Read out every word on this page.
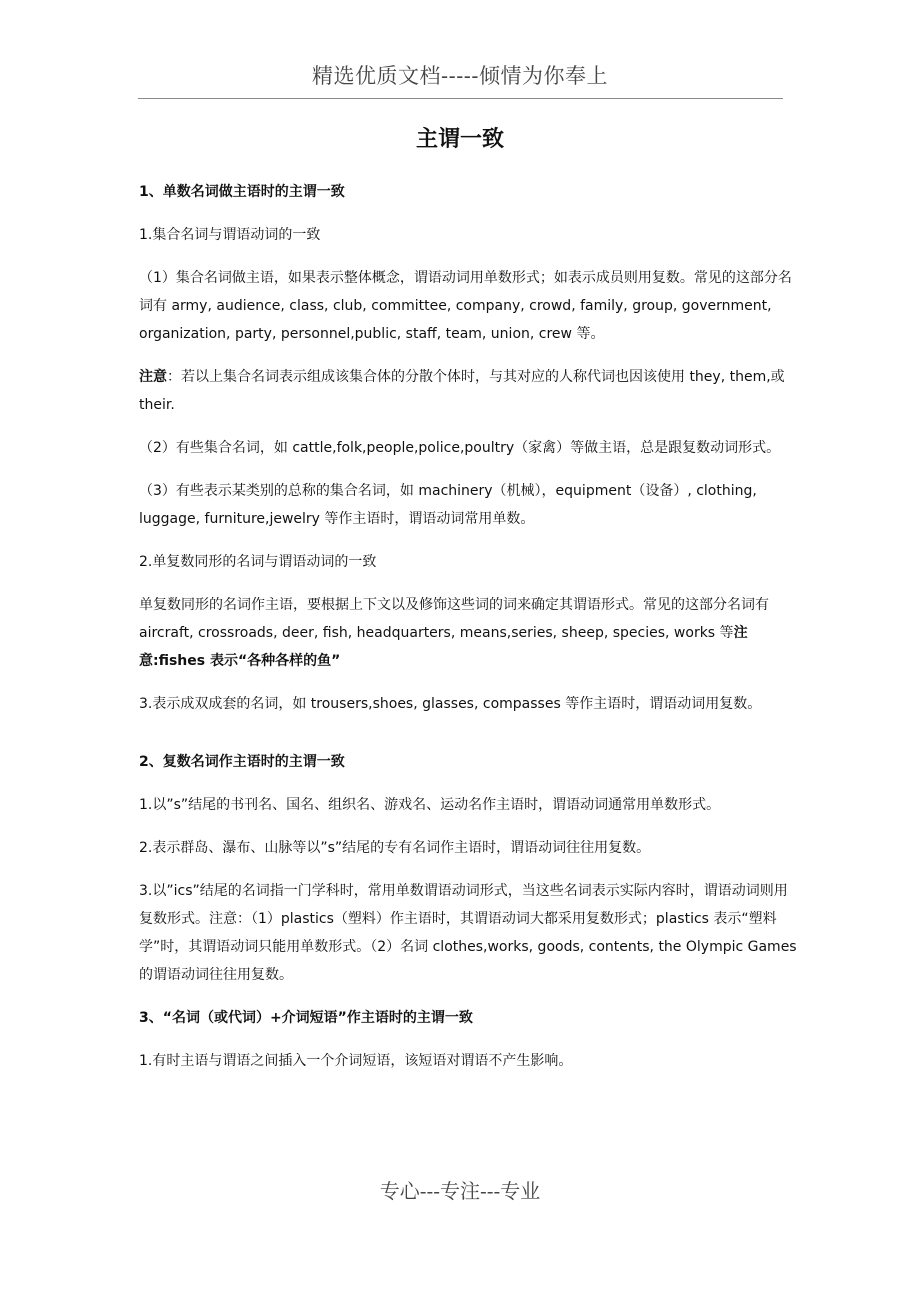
精选优质文档-----倾情为你奉上
主谓一致

1、单数名词做主语时的主谓一致

1.集合名词与谓语动词的一致

（1）集合名词做主语，如果表示整体概念，谓语动词用单数形式；如表示成员则用复数。常见的这部分名词有 army, audience, class, club, committee, company, crowd, family, group, government, organization, party, personnel,public, staff, team, union, crew 等。

注意：若以上集合名词表示组成该集合体的分散个体时，与其对应的人称代词也因该使用 they, them,或 their.

（2）有些集合名词，如 cattle,folk,people,police,poultry（家禽）等做主语，总是跟复数动词形式。

（3）有些表示某类别的总称的集合名词，如 machinery（机械），equipment（设备）, clothing, luggage, furniture,jewelry 等作主语时，谓语动词常用单数。

2.单复数同形的名词与谓语动词的一致

单复数同形的名词作主语，要根据上下文以及修饰这些词的词来确定其谓语形式。常见的这部分名词有 aircraft, crossroads, deer, fish, headquarters, means,series, sheep, species, works 等注意:fishes 表示“各种各样的鱼”

3.表示成双成套的名词，如 trousers,shoes, glasses, compasses 等作主语时，谓语动词用复数。

2、复数名词作主语时的主谓一致

1.以”s”结尾的书刊名、国名、组织名、游戏名、运动名作主语时，谓语动词通常用单数形式。

2.表示群岛、瀑布、山脉等以”s”结尾的专有名词作主语时，谓语动词往往用复数。

3.以”ics”结尾的名词指一门学科时，常用单数谓语动词形式，当这些名词表示实际内容时，谓语动词则用复数形式。注意：（1）plastics（塑料）作主语时，其谓语动词大都采用复数形式；plastics 表示“塑料学”时，其谓语动词只能用单数形式。（2）名词 clothes,works, goods, contents, the Olympic Games 的谓语动词往往用复数。

3、“名词（或代词）+介词短语”作主语时的主谓一致

1.有时主语与谓语之间插入一个介词短语，该短语对谓语不产生影响。

专心---专注---专业
